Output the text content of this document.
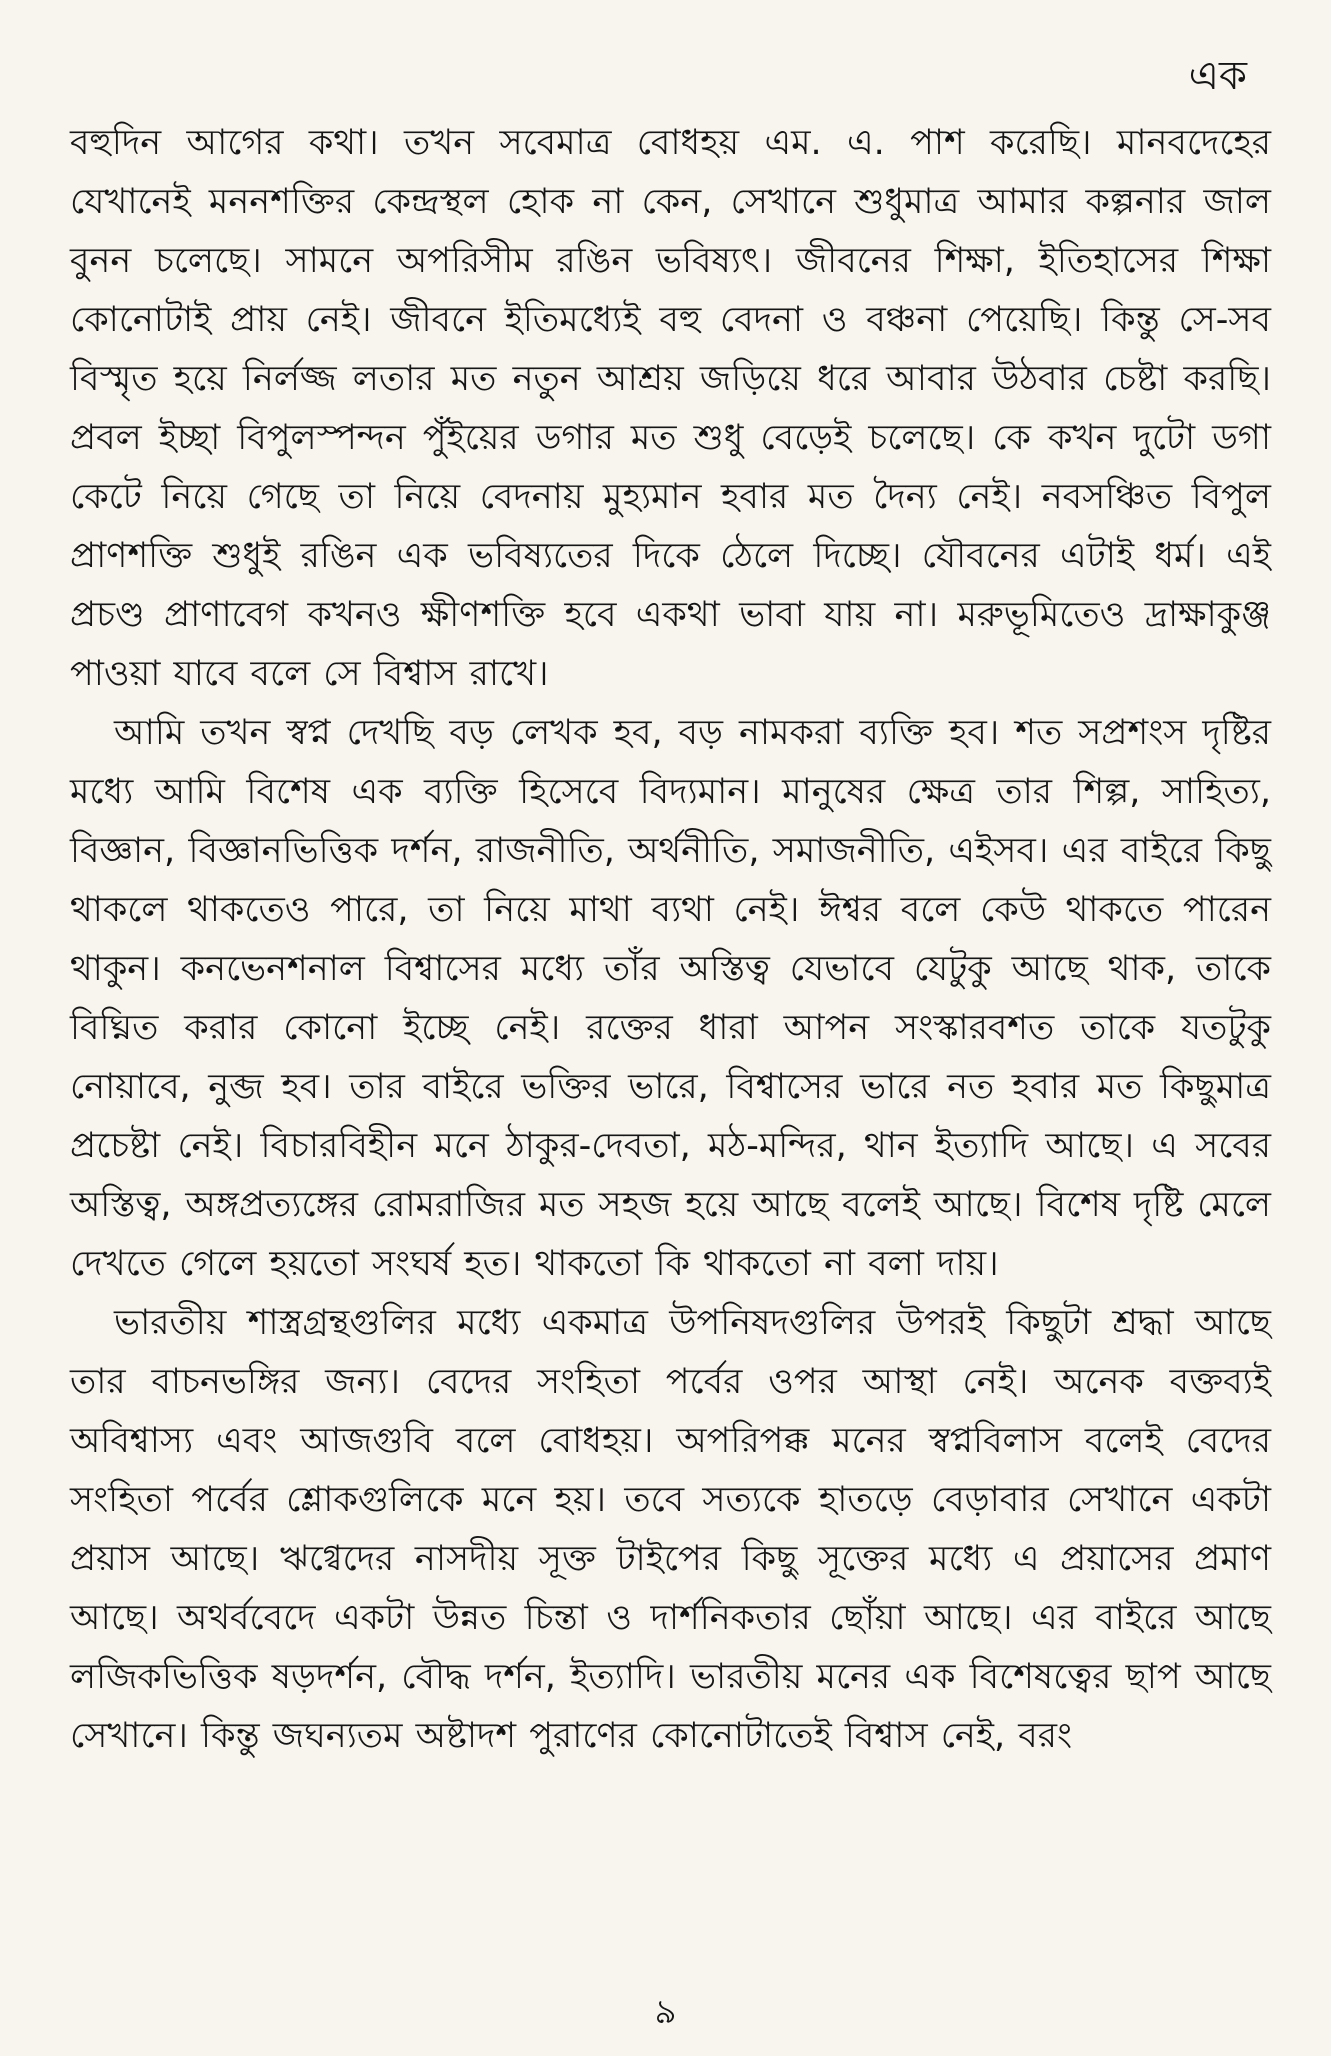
এক

বহুদিন আগের কথা। তখন সবেমাত্র বোধহয় এম. এ. পাশ করেছি। মানবদেহের যেখানেই মননশক্তির কেন্দ্রস্থল হোক না কেন, সেখানে শুধুমাত্র আমার কল্পনার জাল বুনন চলেছে। সামনে অপরিসীম রঙিন ভবিষ্যৎ। জীবনের শিক্ষা, ইতিহাসের শিক্ষা কোনোটাই প্রায় নেই। জীবনে ইতিমধ্যেই বহু বেদনা ও বঞ্চনা পেয়েছি। কিন্তু সে-সব বিস্মৃত হয়ে নির্লজ্জ লতার মত নতুন আশ্রয় জড়িয়ে ধরে আবার উঠবার চেষ্টা করছি। প্রবল ইচ্ছা বিপুলস্পন্দন পুঁইয়ের ডগার মত শুধু বেড়েই চলেছে। কে কখন দুটো ডগা কেটে নিয়ে গেছে তা নিয়ে বেদনায় মুহ্যমান হবার মত দৈন্য নেই। নবসঞ্চিত বিপুল প্রাণশক্তি শুধুই রঙিন এক ভবিষ্যতের দিকে ঠেলে দিচ্ছে। যৌবনের এটাই ধর্ম। এই প্রচণ্ড প্রাণাবেগ কখনও ক্ষীণশক্তি হবে একথা ভাবা যায় না। মরুভূমিতেও দ্রাক্ষাকুঞ্জ পাওয়া যাবে বলে সে বিশ্বাস রাখে।

আমি তখন স্বপ্ন দেখছি বড় লেখক হব, বড় নামকরা ব্যক্তি হব। শত সপ্রশংস দৃষ্টির মধ্যে আমি বিশেষ এক ব্যক্তি হিসেবে বিদ্যমান। মানুষের ক্ষেত্র তার শিল্প, সাহিত্য, বিজ্ঞান, বিজ্ঞানভিত্তিক দর্শন, রাজনীতি, অর্থনীতি, সমাজনীতি, এইসব। এর বাইরে কিছু থাকলে থাকতেও পারে, তা নিয়ে মাথা ব্যথা নেই। ঈশ্বর বলে কেউ থাকতে পারেন থাকুন। কনভেনশনাল বিশ্বাসের মধ্যে তাঁর অস্তিত্ব যেভাবে যেটুকু আছে থাক, তাকে বিঘ্নিত করার কোনো ইচ্ছে নেই। রক্তের ধারা আপন সংস্কারবশত তাকে যতটুকু নোয়াবে, নুব্জ হব। তার বাইরে ভক্তির ভারে, বিশ্বাসের ভারে নত হবার মত কিছুমাত্র প্রচেষ্টা নেই। বিচারবিহীন মনে ঠাকুর-দেবতা, মঠ-মন্দির, থান ইত্যাদি আছে। এ সবের অস্তিত্ব, অঙ্গপ্রত্যঙ্গের রোমরাজির মত সহজ হয়ে আছে বলেই আছে। বিশেষ দৃষ্টি মেলে দেখতে গেলে হয়তো সংঘর্ষ হত। থাকতো কি থাকতো না বলা দায়।

ভারতীয় শাস্ত্রগ্রন্থগুলির মধ্যে একমাত্র উপনিষদগুলির উপরই কিছুটা শ্রদ্ধা আছে তার বাচনভঙ্গির জন্য। বেদের সংহিতা পর্বের ওপর আস্থা নেই। অনেক বক্তব্যই অবিশ্বাস্য এবং আজগুবি বলে বোধহয়। অপরিপক্ক মনের স্বপ্নবিলাস বলেই বেদের সংহিতা পর্বের শ্লোকগুলিকে মনে হয়। তবে সত্যকে হাতড়ে বেড়াবার সেখানে একটা প্রয়াস আছে। ঋগ্বেদের নাসদীয় সূক্ত টাইপের কিছু সূক্তের মধ্যে এ প্রয়াসের প্রমাণ আছে। অথর্ববেদে একটা উন্নত চিন্তা ও দার্শনিকতার ছোঁয়া আছে। এর বাইরে আছে লজিকভিত্তিক ষড়দর্শন, বৌদ্ধ দর্শন, ইত্যাদি। ভারতীয় মনের এক বিশেষত্বের ছাপ আছে সেখানে। কিন্তু জঘন্যতম অষ্টাদশ পুরাণের কোনোটাতেই বিশ্বাস নেই, বরং

৯
